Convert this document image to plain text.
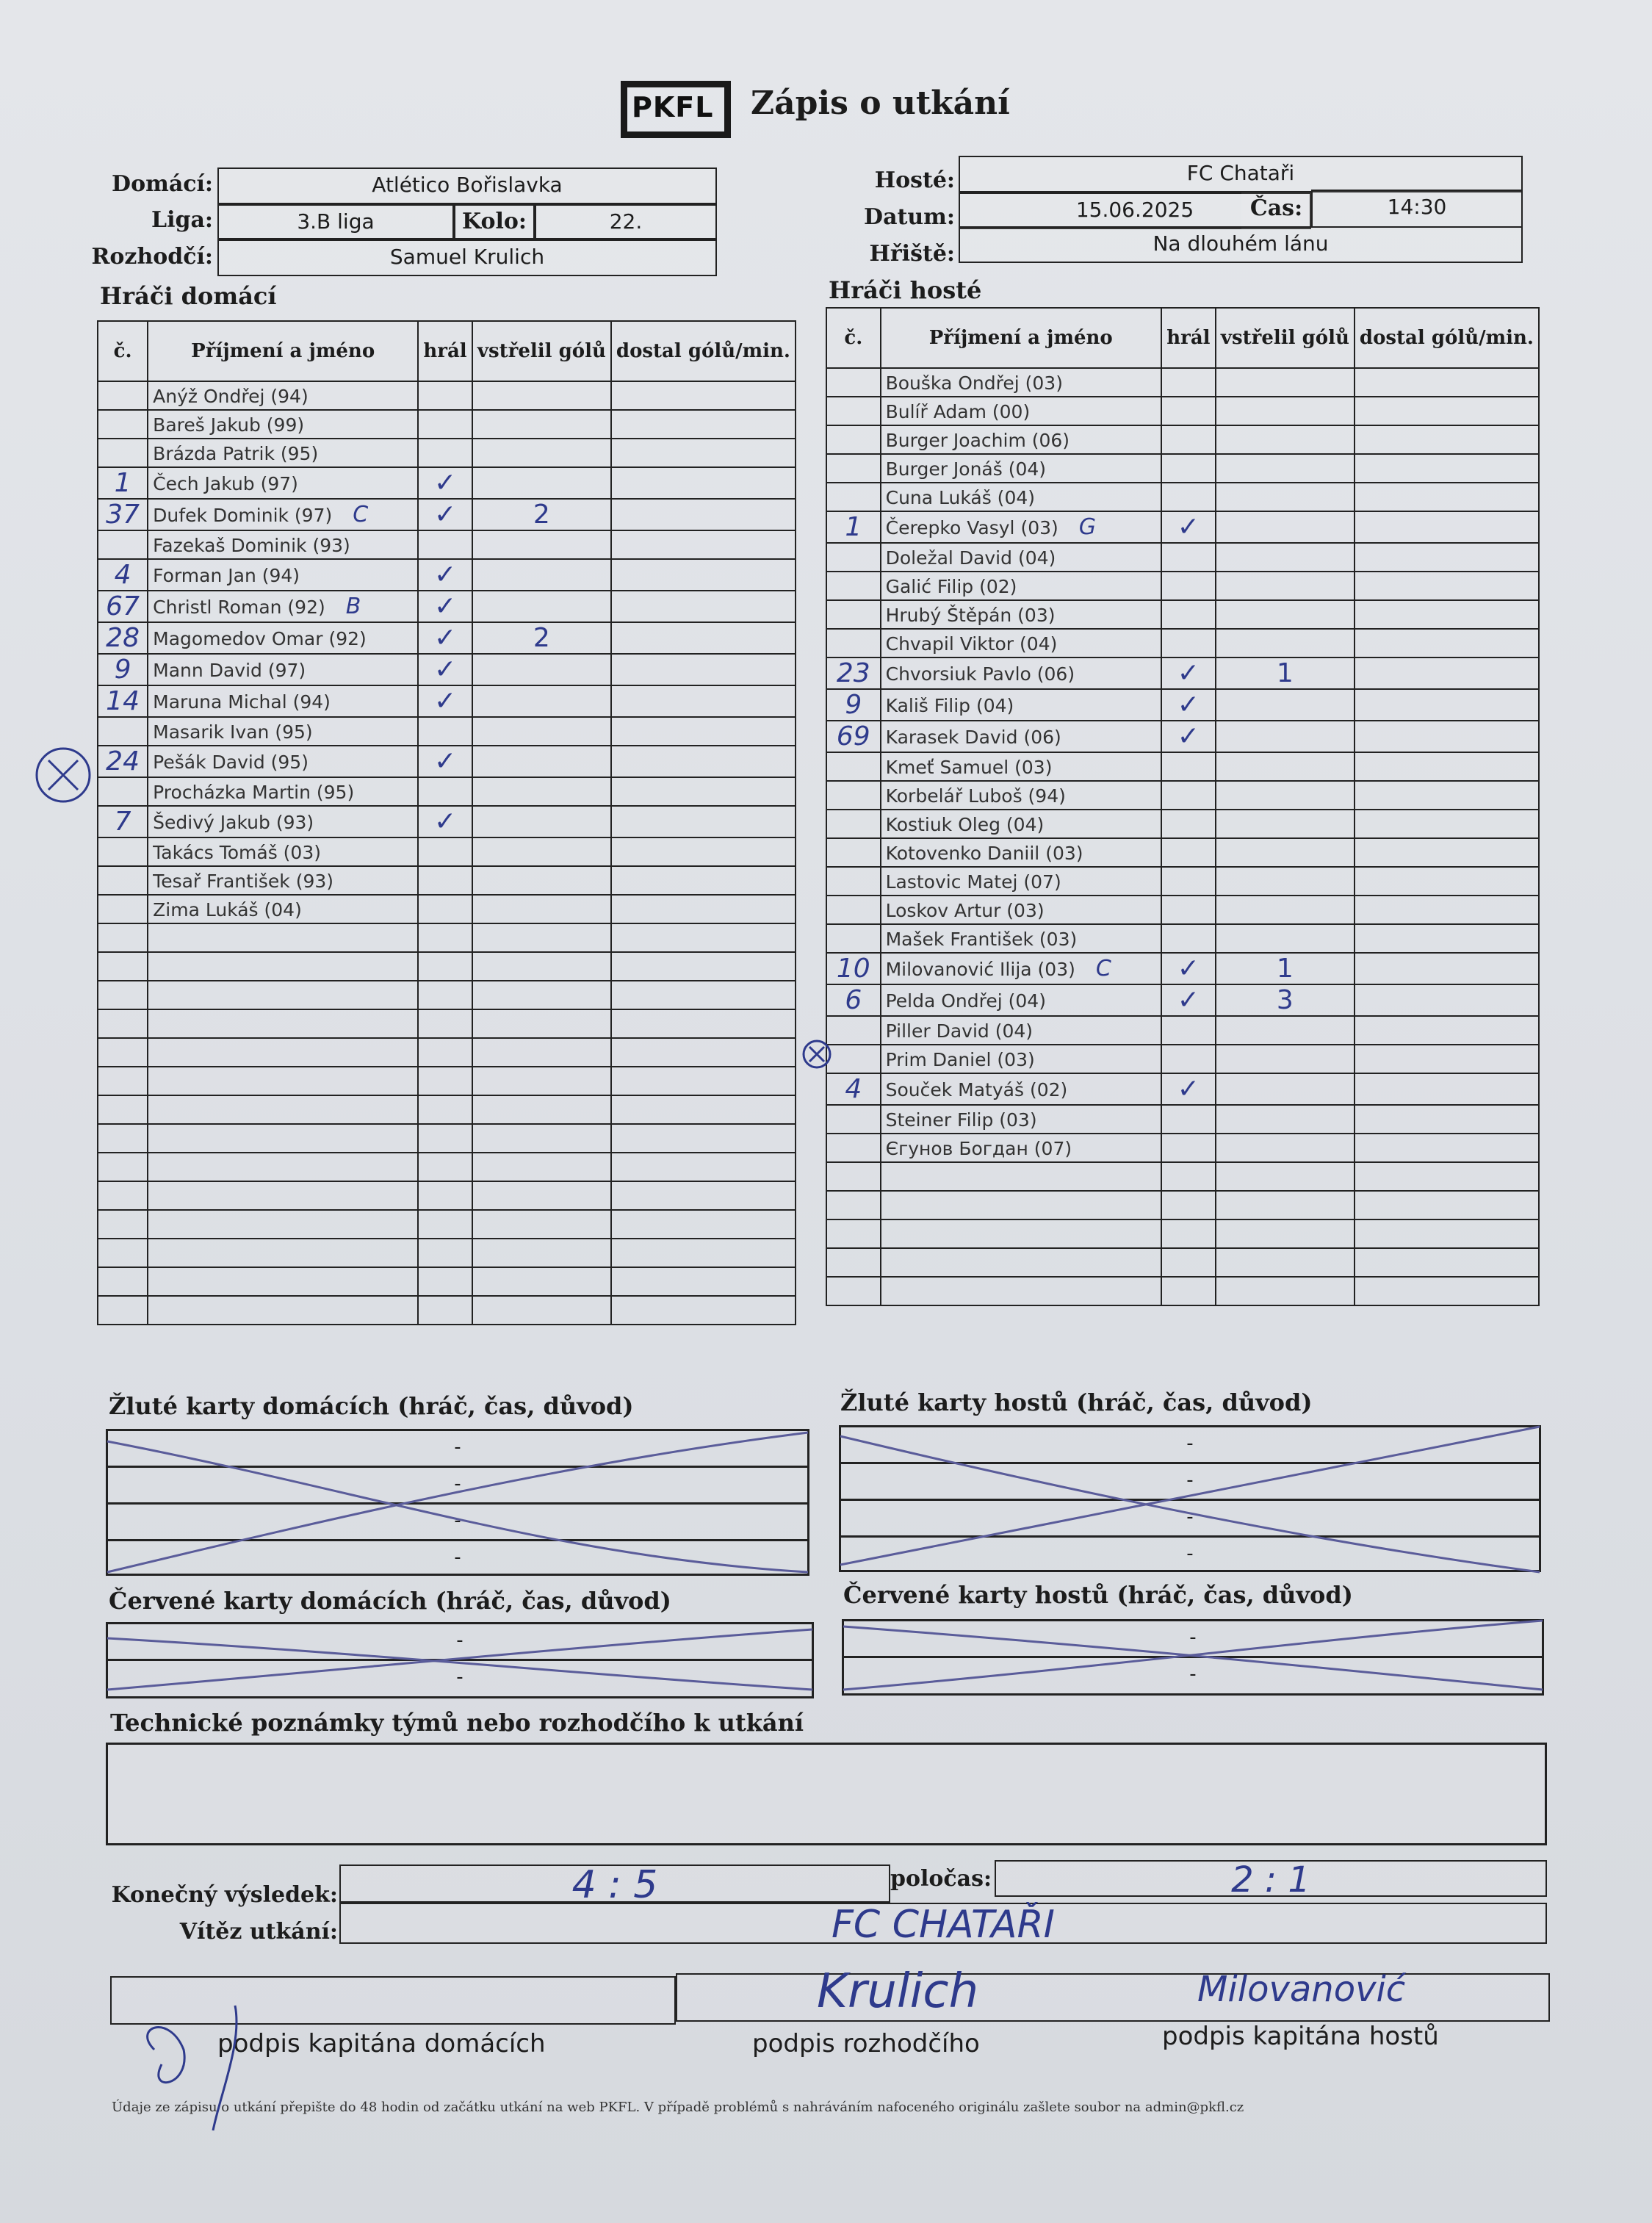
PKFL Zápis o utkání
Domácí:	Atlético Bořislavka
Liga:	3.B liga	Kolo:	22.
Rozhodčí:	Samuel Krulich
Hosté:	FC Chataři
Datum:	15.06.2025	Čas:	14:30
Hřiště:	Na dlouhém lánu
Hráči domácí
č.	Příjmení a jméno	hrál	vstřelil gólů	dostal gólů/min.
	Anýž Ondřej (94)			
	Bareš Jakub (99)			
	Brázda Patrik (95)			
1	Čech Jakub (97)	✓		
37	Dufek Dominik (97) C	✓	2	
	Fazekaš Dominik (93)			
4	Forman Jan (94)	✓		
67	Christl Roman (92) B	✓		
28	Magomedov Omar (92)	✓	2	
9	Mann David (97)	✓		
14	Maruna Michal (94)	✓		
	Masarik Ivan (95)			
24	Pešák David (95)	✓		
	Procházka Martin (95)			
7	Šedivý Jakub (93)	✓		
	Takács Tomáš (03)			
	Tesař František (93)			
	Zima Lukáš (04)			

Hráči hosté
č.	Příjmení a jméno	hrál	vstřelil gólů	dostal gólů/min.
	Bouška Ondřej (03)			
	Bulíř Adam (00)			
	Burger Joachim (06)			
	Burger Jonáš (04)			
	Cuna Lukáš (04)			
1	Čerepko Vasyl (03) G	✓		
	Doležal David (04)			
	Galić Filip (02)			
	Hrubý Štěpán (03)			
	Chvapil Viktor (04)			
23	Chvorsiuk Pavlo (06)	✓	1	
9	Kališ Filip (04)	✓		
69	Karasek David (06)	✓		
	Kmeť Samuel (03)			
	Korbelář Luboš (94)			
	Kostiuk Oleg (04)			
	Kotovenko Daniil (03)			
	Lastovic Matej (07)			
	Loskov Artur (03)			
	Mašek František (03)			
10	Milovanović Ilija (03) C	✓	1	
6	Pelda Ondřej (04)	✓	3	
	Piller David (04)			
	Prim Daniel (03)			
4	Souček Matyáš (02)	✓		
	Steiner Filip (03)			
	Єгунов Богдан (07)			

Žluté karty domácích (hráč, čas, důvod)
-
-
-
-
Žluté karty hostů (hráč, čas, důvod)
-
-
-
-
Červené karty domácích (hráč, čas, důvod)
-
-
Červené karty hostů (hráč, čas, důvod)
-
-
Technické poznámky týmů nebo rozhodčího k utkání
Konečný výsledek:	4 : 5	poločas:	2 : 1
Vítěz utkání:	FC CHATAŘI
Krulich	Milovanović
podpis kapitána domácích	podpis rozhodčího	podpis kapitána hostů
Údaje ze zápisu o utkání přepište do 48 hodin od začátku utkání na web PKFL. V případě problémů s nahráváním nafoceného originálu zašlete soubor na admin@pkfl.cz
